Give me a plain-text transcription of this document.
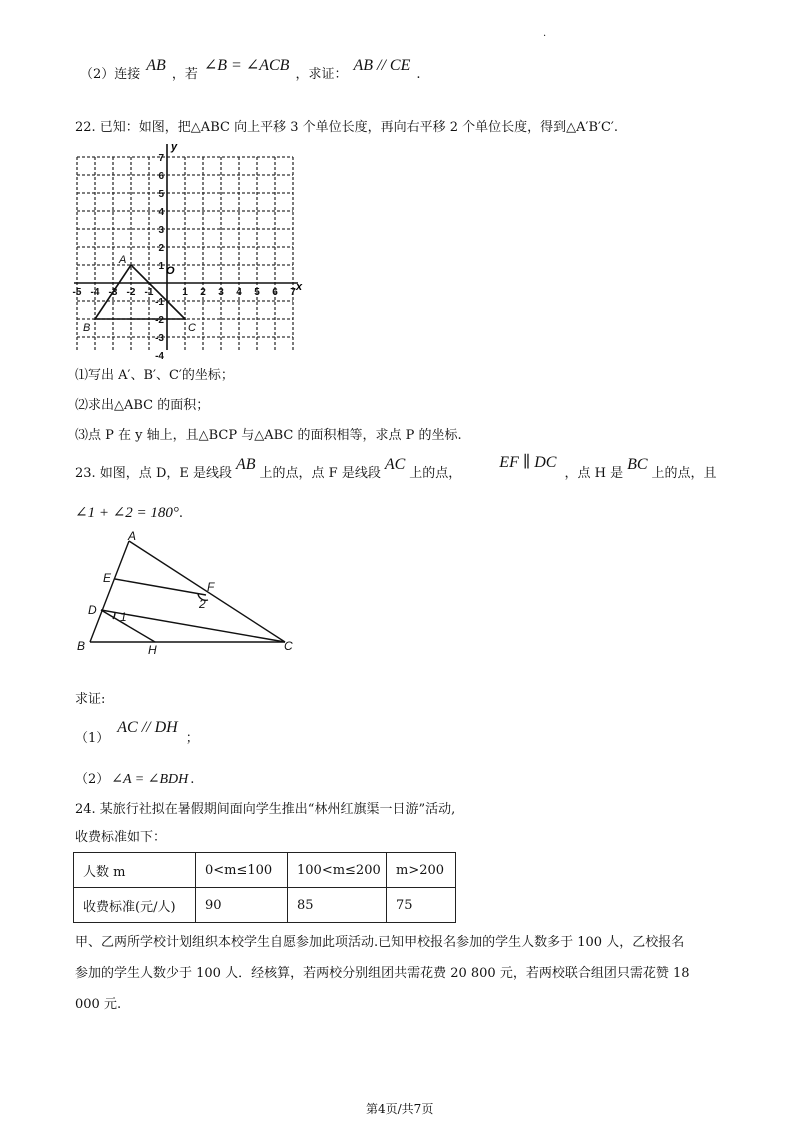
.
（2）连接AB，若∠B = ∠ACB，求证：AB // CE.
22. 已知：如图，把△ABC 向上平移 3 个单位长度，再向右平移 2 个单位长度，得到△A′B′C′.
7
6
5
4
3
2
1
-1
-2
-3
-4
-5 -4 -3 -2 -1	1 2 3 4 5 6 7
y
x
O
A
B	C
⑴写出 A′、B′、C′的坐标；
⑵求出△ABC 的面积；
⑶点 P 在 y 轴上，且△BCP 与△ABC 的面积相等，求点 P 的坐标.
23. 如图，点 D，E 是线段AB上的点，点 F 是线段AC上的点，EF ∥ DC，点 H 是BC上的点，且
∠1 + ∠2 = 180°.
A
E
F
2
D 1
B	H	C
求证:
（1）AC // DH；
（2） ∠A = ∠BDH .
24. 某旅行社拟在暑假期间面向学生推出“林州红旗渠一日游”活动,
收费标准如下：
人数 m	0<m≤100	100<m≤200	m>200
收费标准(元/人)	90	85	75
甲、乙两所学校计划组织本校学生自愿参加此项活动.已知甲校报名参加的学生人数多于 100 人，乙校报名
参加的学生人数少于 100 人．经核算，若两校分别组团共需花费 20 800 元，若两校联合组团只需花赞 18
000 元.
第4页/共7页
